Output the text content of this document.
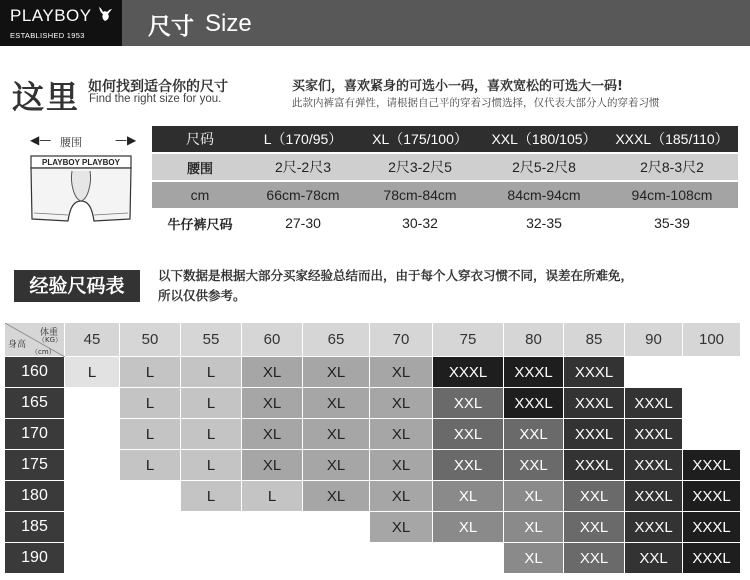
PLAYBOY
ESTABLISHED 1953	尺寸 Size
这里 如何找到适合你的尺寸
Find the right size for you.
买家们，喜欢紧身的可选小一码，喜欢宽松的可选大一码!
此款内裤富有弹性，请根据自己平的穿着习惯选择，仅代表大部分人的穿着习惯
◀— 腰围	—▶
PLAYBOY PLAYBOY
尺码	L（170/95）	XL（175/100）	XXL（180/105）	XXXL（185/110）
腰围	2尺-2尺3	2尺3-2尺5	2尺5-2尺8	2尺8-3尺2
cm	66cm-78cm	78cm-84cm	84cm-94cm	94cm-108cm
牛仔裤尺码	27-30	30-32	32-35	35-39
经验尺码表	以下数据是根据大部分买家经验总结而出，由于每个人穿衣习惯不同，误差在所难免，
所以仅供参考。
体重
（KG）
身高
（cm）	45	50	55	60	65	70	75	80	85	90	100
160	L	L	L	XL	XL	XL	XXXL	XXXL	XXXL		
165		L	L	XL	XL	XL	XXL	XXXL	XXXL	XXXL	
170		L	L	XL	XL	XL	XXL	XXL	XXXL	XXXL	
175		L	L	XL	XL	XL	XXL	XXL	XXXL	XXXL	XXXL
180			L	L	XL	XL	XL	XL	XXL	XXXL	XXXL
185						XL	XL	XL	XXL	XXXL	XXXL
190								XL	XXL	XXL	XXXL
